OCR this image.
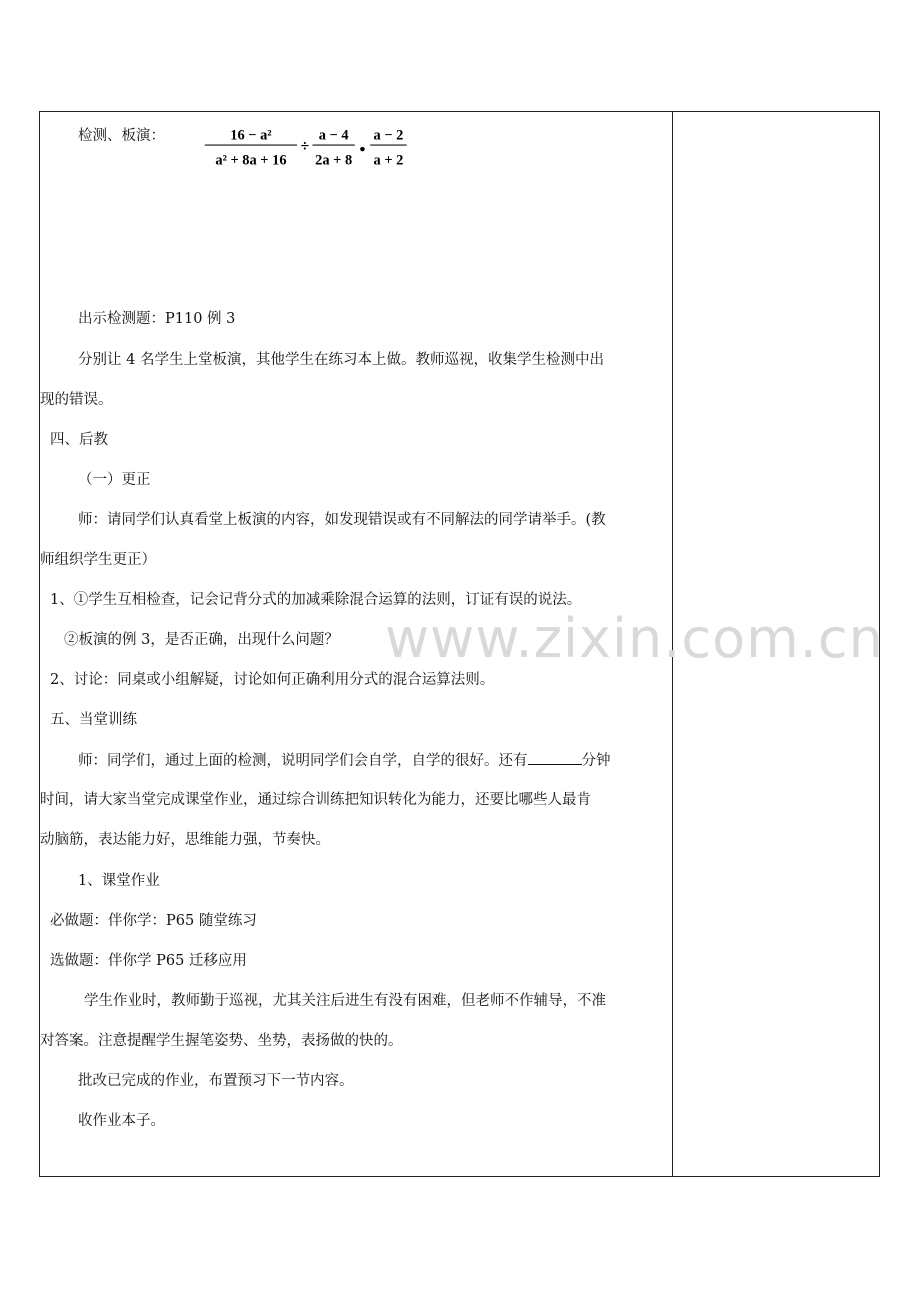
检测、板演：	16 − a²
a² + 8a + 16
÷
a − 4
2a + 8
●
a − 2
a + 2
出示检测题：P110 例 3
分别让 4 名学生上堂板演，其他学生在练习本上做。教师巡视，收集学生检测中出
现的错误。
四、后教
（一）更正
师：请同学们认真看堂上板演的内容，如发现错误或有不同解法的同学请举手。(教
师组织学生更正）
1、①学生互相检查，记会记背分式的加减乘除混合运算的法则，订证有误的说法。
②板演的例 3，是否正确，出现什么问题？
2、讨论：同桌或小组解疑，讨论如何正确利用分式的混合运算法则。
五、当堂训练
师：同学们，通过上面的检测，说明同学们会自学，自学的很好。还有	分钟
时间，请大家当堂完成课堂作业，通过综合训练把知识转化为能力，还要比哪些人最肯
动脑筋，表达能力好，思维能力强，节奏快。
1、课堂作业
必做题：伴你学：P65 随堂练习
选做题：伴你学 P65 迁移应用
学生作业时，教师勤于巡视，尤其关注后进生有没有困难，但老师不作辅导，不准
对答案。注意提醒学生握笔姿势、坐势，表扬做的快的。
批改已完成的作业，布置预习下一节内容。
收作业本子。
www.zixin.com.cn
